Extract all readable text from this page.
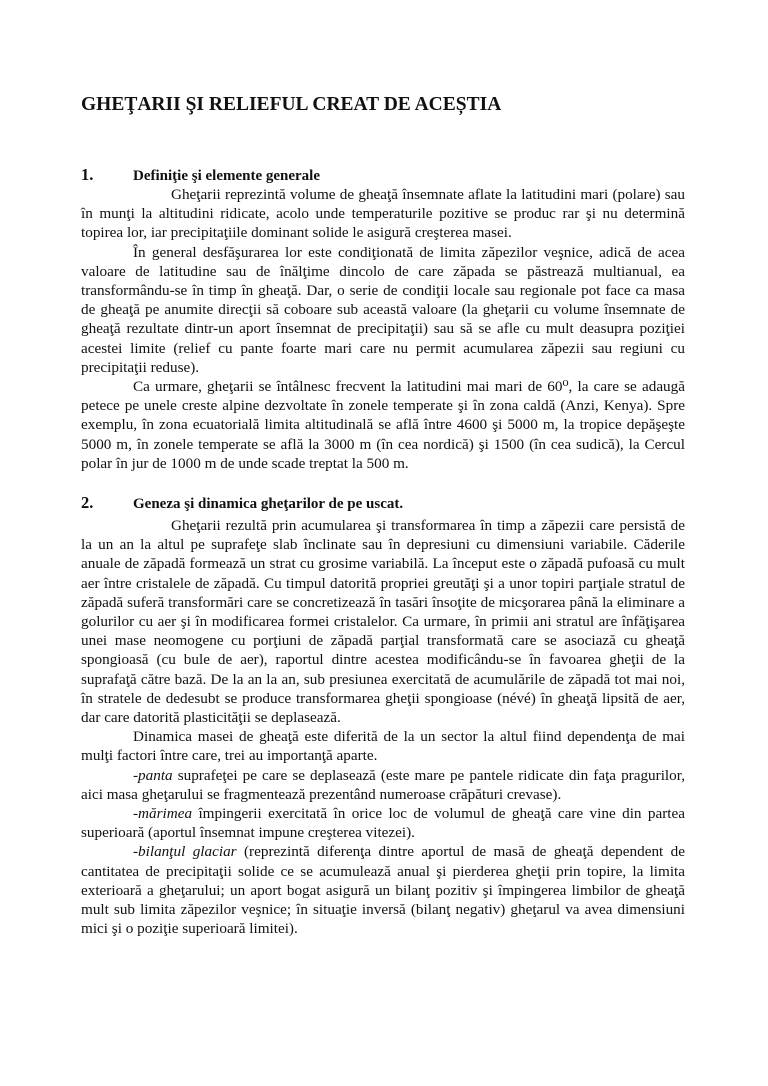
GHEŢARII ŞI RELIEFUL CREAT DE ACEȘTIA
1.	Definiţie şi elemente generale

Gheţarii reprezintă volume de gheaţă însemnate aflate la latitudini mari (polare) sau în munţi la altitudini ridicate, acolo unde temperaturile pozitive se produc rar şi nu determină topirea lor, iar precipitaţiile dominant solide le asigură creşterea masei.

În general desfăşurarea lor este condiţionată de limita zăpezilor veşnice, adică de acea valoare de latitudine sau de înălţime dincolo de care zăpada se păstrează multianual, ea transformându-se în timp în gheaţă. Dar, o serie de condiţii locale sau regionale pot face ca masa de gheaţă pe anumite direcţii să coboare sub această valoare (la gheţarii cu volume însemnate de gheaţă rezultate dintr-un aport însemnat de precipitaţii) sau să se afle cu mult deasupra poziţiei acestei limite (relief cu pante foarte mari care nu permit acumularea zăpezii sau regiuni cu precipitaţii reduse).

Ca urmare, gheţarii se întâlnesc frecvent la latitudini mai mari de 60⁰, la care se adaugă petece pe unele creste alpine dezvoltate în zonele temperate şi în zona caldă (Anzi, Kenya). Spre exemplu, în zona ecuatorială limita altitudinală se află între 4600 şi 5000 m, la tropice depăşeşte 5000 m, în zonele temperate se află la 3000 m (în cea nordică) şi 1500 (în cea sudică), la Cercul polar în jur de 1000 m de unde scade treptat la 500 m.

2.	Geneza şi dinamica gheţarilor de pe uscat.

Gheţarii rezultă prin acumularea şi transformarea în timp a zăpezii care persistă de la un an la altul pe suprafeţe slab înclinate sau în depresiuni cu dimensiuni variabile. Căderile anuale de zăpadă formează un strat cu grosime variabilă. La început este o zăpadă pufoasă cu mult aer între cristalele de zăpadă. Cu timpul datorită propriei greutăţi şi a unor topiri parţiale stratul de zăpadă suferă transformări care se concretizează în tasări însoţite de micşorarea până la eliminare a golurilor cu aer şi în modificarea formei cristalelor. Ca urmare, în primii ani stratul are înfăţişarea unei mase neomogene cu porţiuni de zăpadă parţial transformată care se asociază cu gheaţă spongioasă (cu bule de aer), raportul dintre acestea modificându-se în favoarea gheţii de la suprafaţă către bază. De la an la an, sub presiunea exercitată de acumulările de zăpadă tot mai noi, în stratele de dedesubt se produce transformarea gheţii spongioase (névé) în gheaţă lipsită de aer, dar care datorită plasticităţii se deplasează.

Dinamica masei de gheaţă este diferită de la un sector la altul fiind dependenţa de mai mulţi factori între care, trei au importanţă aparte.

-panta suprafeţei pe care se deplasează (este mare pe pantele ridicate din faţa pragurilor, aici masa gheţarului se fragmentează prezentând numeroase crăpături crevase).

-mărimea împingerii exercitată în orice loc de volumul de gheaţă care vine din partea superioară (aportul însemnat impune creşterea vitezei).

-bilanţul glaciar (reprezintă diferenţa dintre aportul de masă de gheaţă dependent de cantitatea de precipitaţii solide ce se acumulează anual şi pierderea gheţii prin topire, la limita exterioară a gheţarului; un aport bogat asigură un bilanţ pozitiv şi împingerea limbilor de gheaţă mult sub limita zăpezilor veşnice; în situaţie inversă (bilanţ negativ) gheţarul va avea dimensiuni mici şi o poziţie superioară limitei).
